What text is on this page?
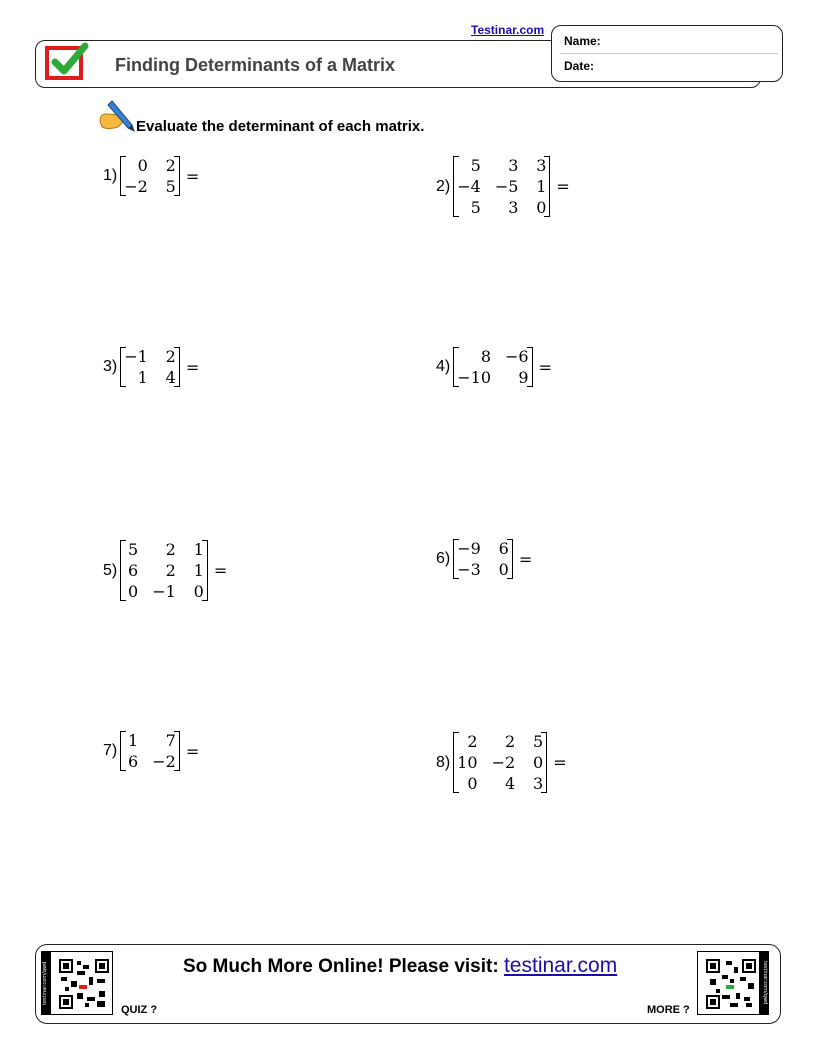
Testinar.com
Finding Determinants of a Matrix
Name:
Date:
Evaluate the determinant of each matrix.
1)
0 2
−2 5
=
2)
5	3 3
−4 −5 1
5	3 0
=
3)
−1 2
1 4
=	4)
8 −6
−10	9
=
5)
5	2 1
6	2 1
0 −1 0
=
6)
−9 6
−3 0
=
7)
1	7
6 −2
=
8)
2	2 5
10 −2 0
0	4 3
=
testinar.com/qwd
QUIZ ?
So Much More Online! Please visit: testinar.com
MORE ?
testinar.com/qwd
